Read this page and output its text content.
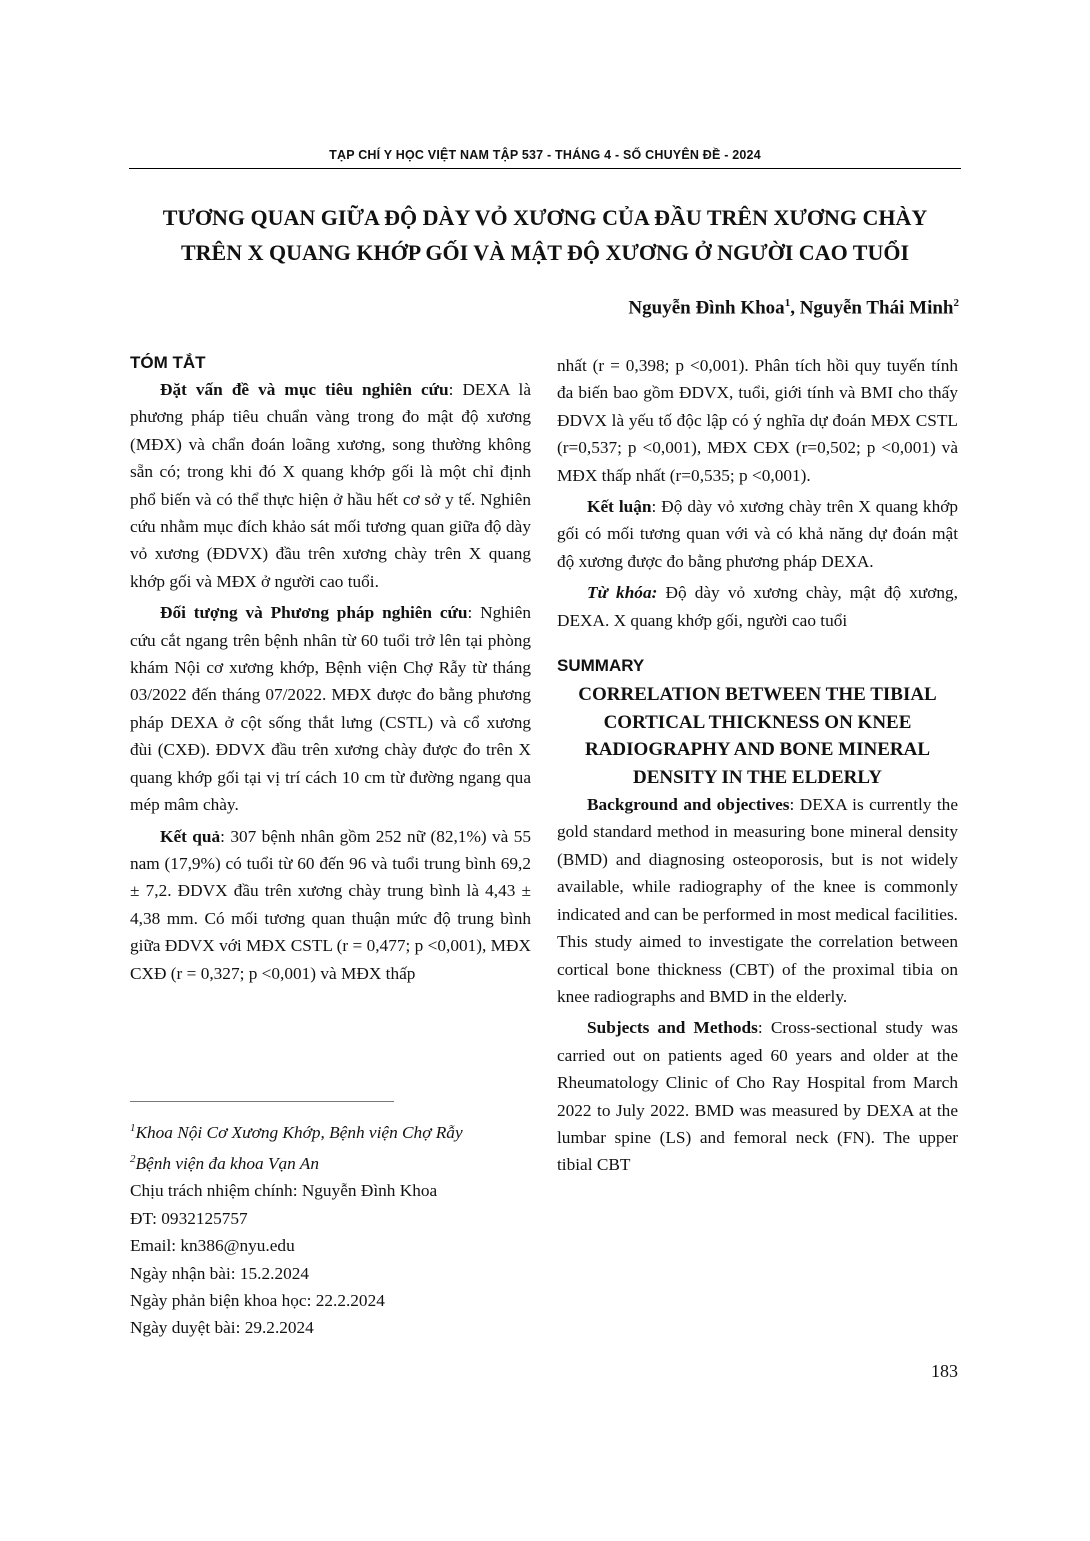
TẠP CHÍ Y HỌC VIỆT NAM TẬP 537 - THÁNG 4 - SỐ CHUYÊN ĐỀ - 2024
TƯƠNG QUAN GIỮA ĐỘ DÀY VỎ XƯƠNG CỦA ĐẦU TRÊN XƯƠNG CHÀY
TRÊN X QUANG KHỚP GỐI VÀ MẬT ĐỘ XƯƠNG Ở NGƯỜI CAO TUỔI
Nguyễn Đình Khoa$^1$, Nguyễn Thái Minh$^2$
TÓM TẮT

Đặt vấn đề và mục tiêu nghiên cứu: DEXA là phương pháp tiêu chuẩn vàng trong đo mật độ xương (MĐX) và chẩn đoán loãng xương, song thường không sẵn có; trong khi đó X quang khớp gối là một chỉ định phổ biến và có thể thực hiện ở hầu hết cơ sở y tế. Nghiên cứu nhằm mục đích khảo sát mối tương quan giữa độ dày vỏ xương (ĐDVX) đầu trên xương chày trên X quang khớp gối và MĐX ở người cao tuổi.

Đối tượng và Phương pháp nghiên cứu: Nghiên cứu cắt ngang trên bệnh nhân từ 60 tuổi trở lên tại phòng khám Nội cơ xương khớp, Bệnh viện Chợ Rẫy từ tháng 03/2022 đến tháng 07/2022. MĐX được đo bằng phương pháp DEXA ở cột sống thắt lưng (CSTL) và cổ xương đùi (CXĐ). ĐDVX đầu trên xương chày được đo trên X quang khớp gối tại vị trí cách 10 cm từ đường ngang qua mép mâm chày.

Kết quả: 307 bệnh nhân gồm 252 nữ (82,1%) và 55 nam (17,9%) có tuổi từ 60 đến 96 và tuổi trung bình 69,2 ± 7,2. ĐDVX đầu trên xương chày trung bình là 4,43 ± 4,38 mm. Có mối tương quan thuận mức độ trung bình giữa ĐDVX với MĐX CSTL (r = 0,477; p <0,001), MĐX CXĐ (r = 0,327; p <0,001) và MĐX thấp

$^1$Khoa Nội Cơ Xương Khớp, Bệnh viện Chợ Rẫy
$^2$Bệnh viện đa khoa Vạn An
Chịu trách nhiệm chính: Nguyễn Đình Khoa
ĐT: 0932125757
Email: kn386@nyu.edu
Ngày nhận bài: 15.2.2024
Ngày phản biện khoa học: 22.2.2024
Ngày duyệt bài: 29.2.2024

nhất (r = 0,398; p <0,001). Phân tích hồi quy tuyến tính đa biến bao gồm ĐDVX, tuổi, giới tính và BMI cho thấy ĐDVX là yếu tố độc lập có ý nghĩa dự đoán MĐX CSTL (r=0,537; p <0,001), MĐX CĐX (r=0,502; p <0,001) và MĐX thấp nhất (r=0,535; p <0,001).

Kết luận: Độ dày vỏ xương chày trên X quang khớp gối có mối tương quan với và có khả năng dự đoán mật độ xương được đo bằng phương pháp DEXA.

Từ khóa: Độ dày vỏ xương chày, mật độ xương, DEXA. X quang khớp gối, người cao tuổi

SUMMARY
CORRELATION BETWEEN THE TIBIAL CORTICAL THICKNESS ON KNEE RADIOGRAPHY AND BONE MINERAL DENSITY IN THE ELDERLY

Background and objectives: DEXA is currently the gold standard method in measuring bone mineral density (BMD) and diagnosing osteoporosis, but is not widely available, while radiography of the knee is commonly indicated and can be performed in most medical facilities. This study aimed to investigate the correlation between cortical bone thickness (CBT) of the proximal tibia on knee radiographs and BMD in the elderly.

Subjects and Methods: Cross-sectional study was carried out on patients aged 60 years and older at the Rheumatology Clinic of Cho Ray Hospital from March 2022 to July 2022. BMD was measured by DEXA at the lumbar spine (LS) and femoral neck (FN). The upper tibial CBT

183
